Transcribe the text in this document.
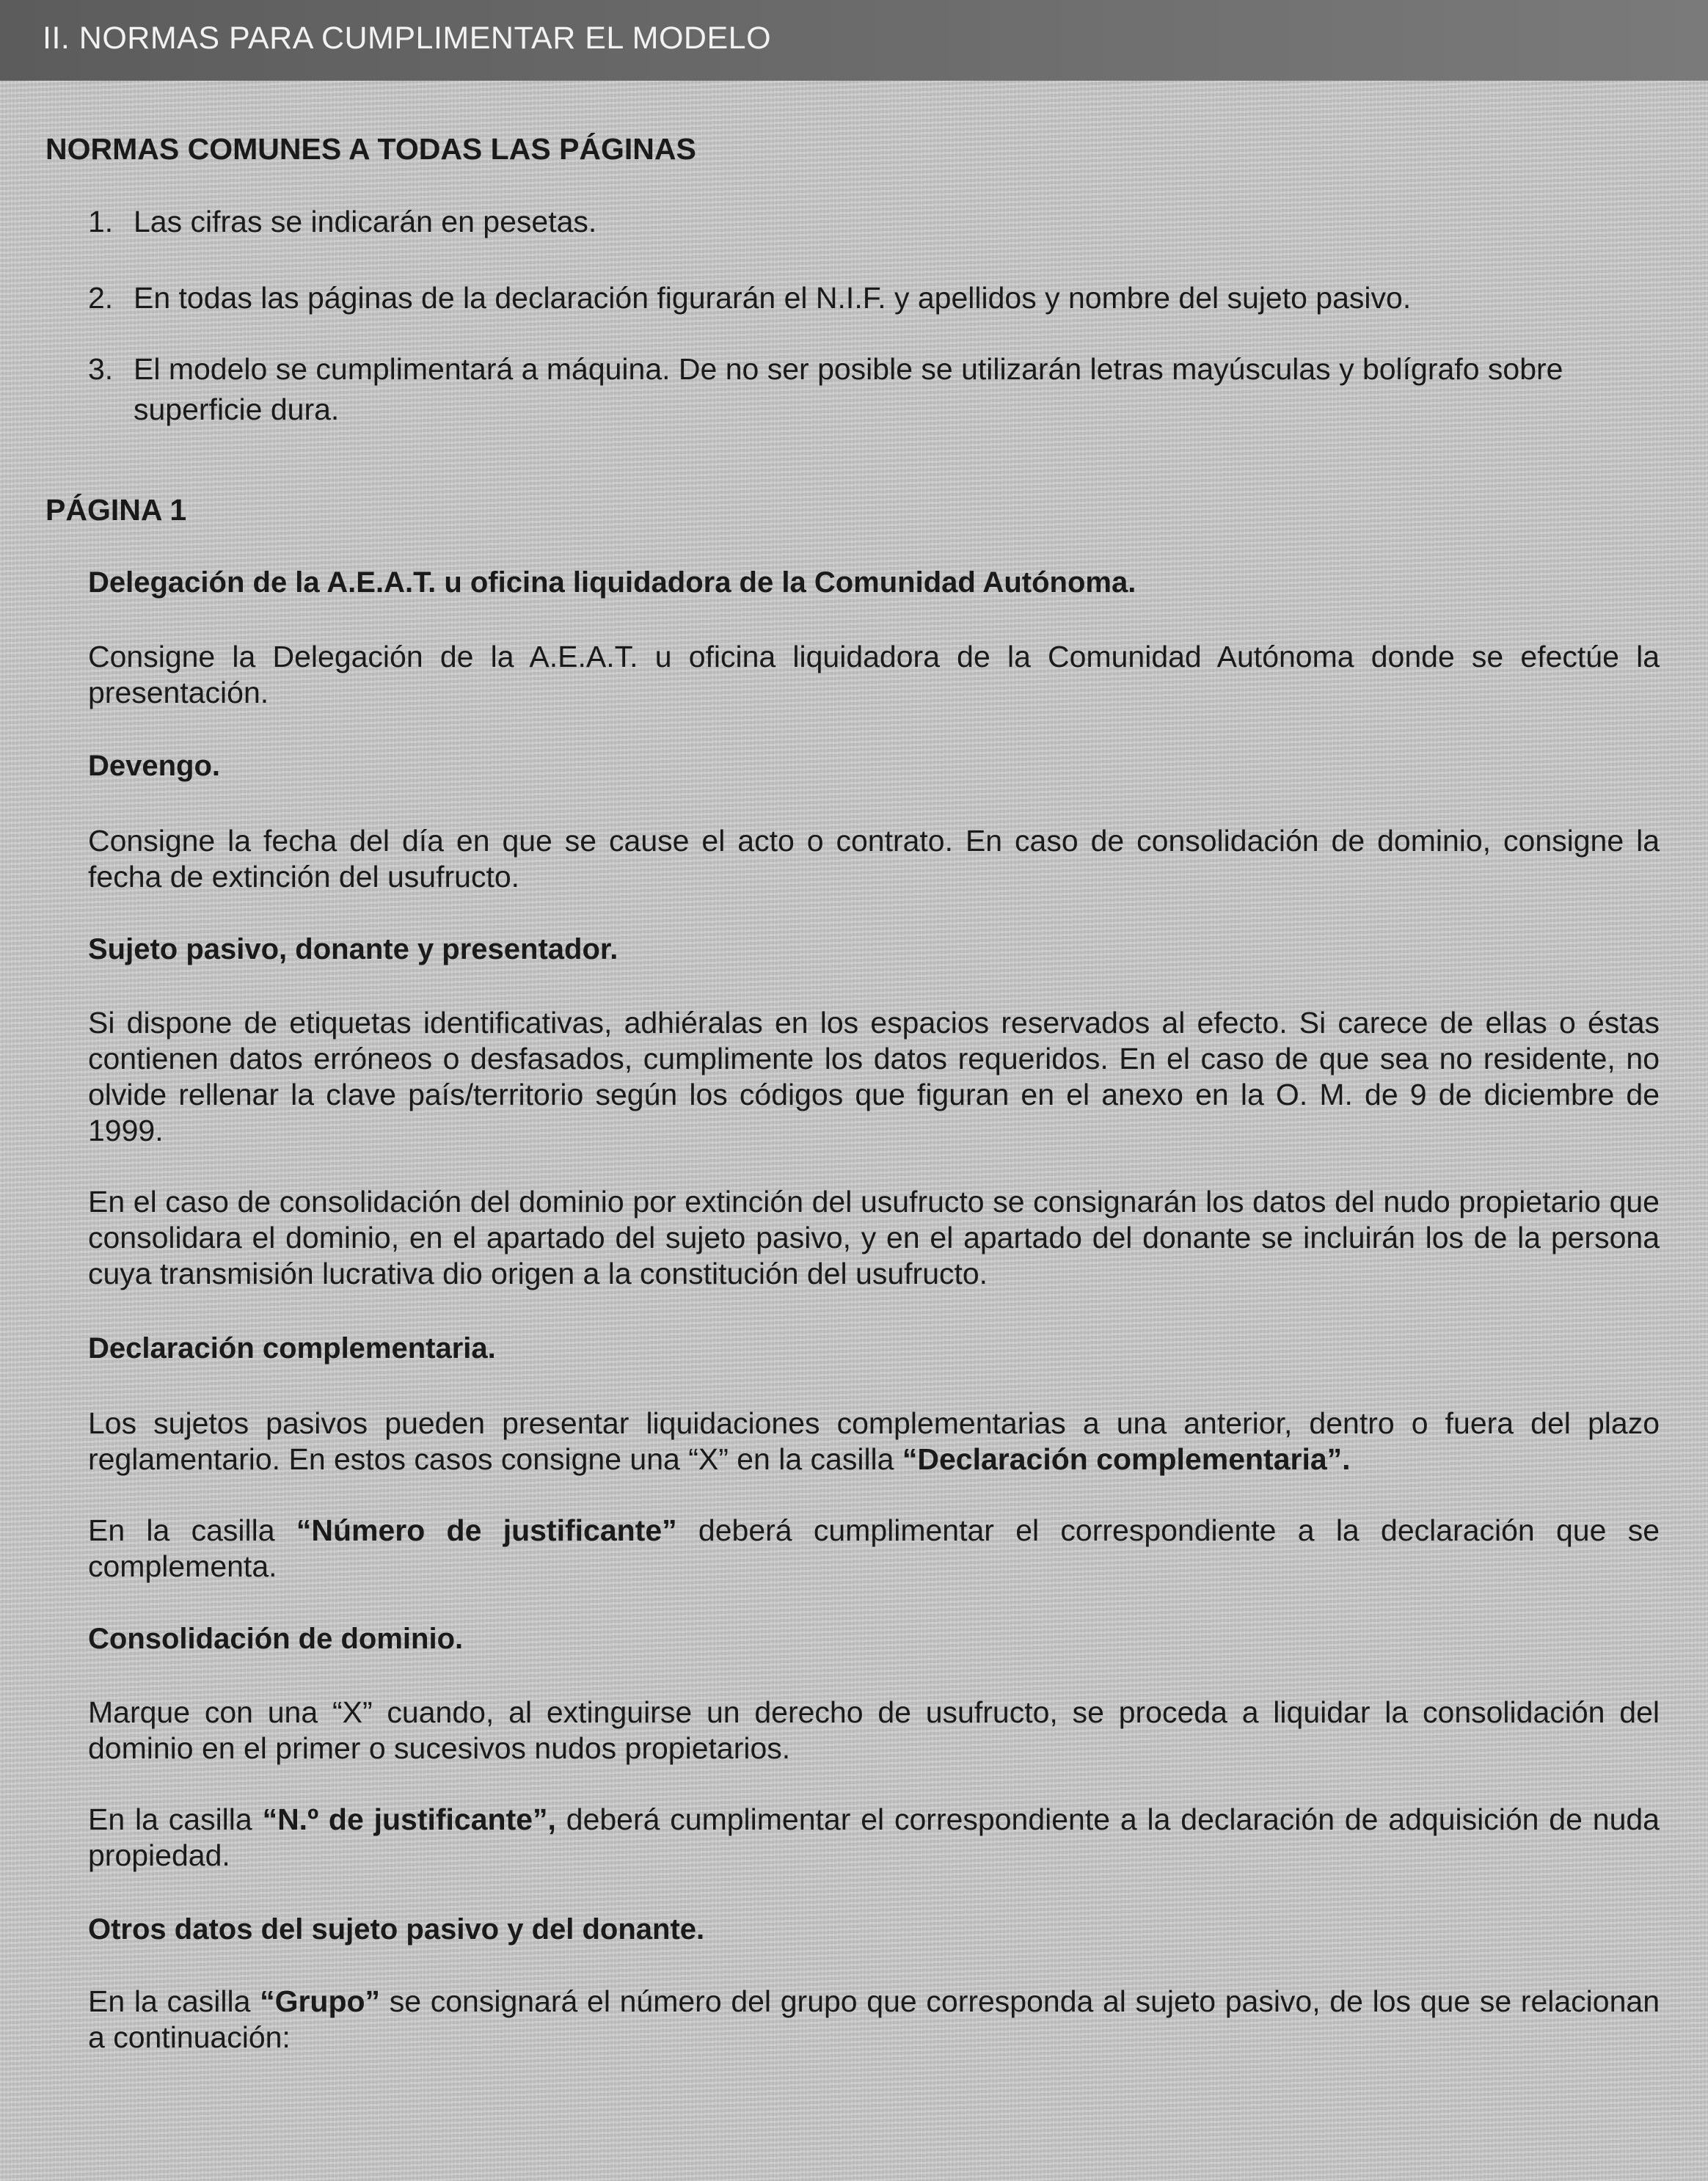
II. NORMAS PARA CUMPLIMENTAR EL MODELO
NORMAS COMUNES A TODAS LAS PÁGINAS
1. Las cifras se indicarán en pesetas.
2. En todas las páginas de la declaración figurarán el N.I.F. y apellidos y nombre del sujeto pasivo.
3. El modelo se cumplimentará a máquina. De no ser posible se utilizarán letras mayúsculas y bolígrafo sobre superficie dura.
PÁGINA 1
Delegación de la A.E.A.T. u oficina liquidadora de la Comunidad Autónoma.
Consigne la Delegación de la A.E.A.T. u oficina liquidadora de la Comunidad Autónoma donde se efectúe la presentación.
Devengo.
Consigne la fecha del día en que se cause el acto o contrato. En caso de consolidación de dominio, consigne la fecha de extinción del usufructo.
Sujeto pasivo, donante y presentador.
Si dispone de etiquetas identificativas, adhiéralas en los espacios reservados al efecto. Si carece de ellas o éstas contienen datos erróneos o desfasados, cumplimente los datos requeridos. En el caso de que sea no residente, no olvide rellenar la clave país/territorio según los códigos que figuran en el anexo en la O. M. de 9 de diciembre de 1999.
En el caso de consolidación del dominio por extinción del usufructo se consignarán los datos del nudo propietario que consolidara el dominio, en el apartado del sujeto pasivo, y en el apartado del donante se incluirán los de la persona cuya transmisión lucrativa dio origen a la constitución del usufructo.
Declaración complementaria.
Los sujetos pasivos pueden presentar liquidaciones complementarias a una anterior, dentro o fuera del plazo reglamentario. En estos casos consigne una “X” en la casilla “Declaración complementaria”.
En la casilla “Número de justificante” deberá cumplimentar el correspondiente a la declaración que se complementa.
Consolidación de dominio.
Marque con una “X” cuando, al extinguirse un derecho de usufructo, se proceda a liquidar la consolidación del dominio en el primer o sucesivos nudos propietarios.
En la casilla “N.º de justificante”, deberá cumplimentar el correspondiente a la declaración de adquisición de nuda propiedad.
Otros datos del sujeto pasivo y del donante.
En la casilla “Grupo” se consignará el número del grupo que corresponda al sujeto pasivo, de los que se relacionan a continuación:
